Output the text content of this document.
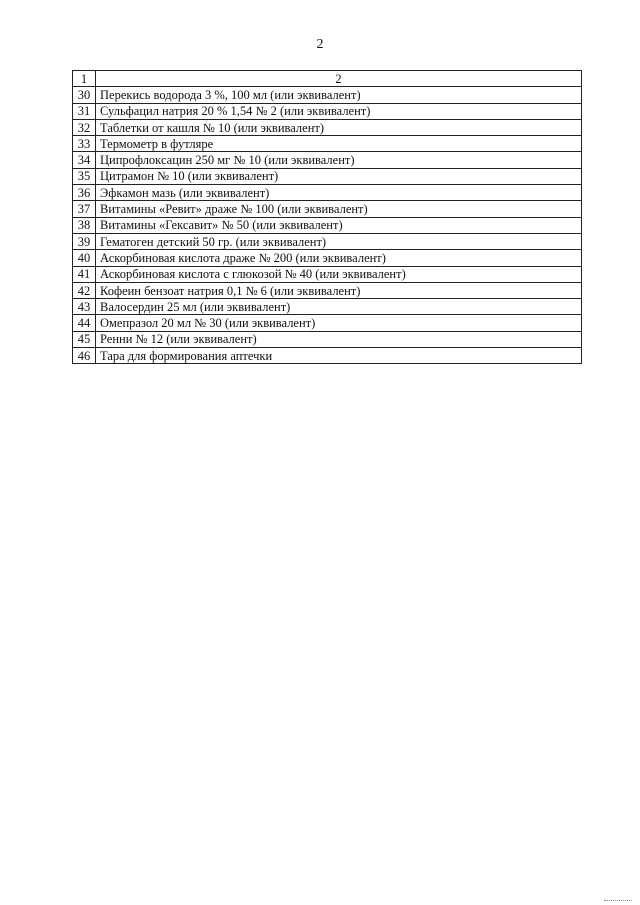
2
1	2
30	Перекись водорода 3 %, 100 мл (или эквивалент)
31	Сульфацил натрия 20 % 1,54 № 2 (или эквивалент)
32	Таблетки от кашля № 10 (или эквивалент)
33	Термометр в футляре
34	Ципрофлоксацин 250 мг № 10 (или эквивалент)
35	Цитрамон № 10 (или эквивалент)
36	Эфкамон мазь (или эквивалент)
37	Витамины «Ревит» драже № 100 (или эквивалент)
38	Витамины «Гексавит» № 50 (или эквивалент)
39	Гематоген детский 50 гр. (или эквивалент)
40	Аскорбиновая кислота драже № 200 (или эквивалент)
41	Аскорбиновая кислота с глюкозой № 40 (или эквивалент)
42	Кофеин бензоат натрия 0,1 № 6 (или эквивалент)
43	Валосердин 25 мл (или эквивалент)
44	Омепразол 20 мл № 30 (или эквивалент)
45	Ренни № 12 (или эквивалент)
46	Тара для формирования аптечки
